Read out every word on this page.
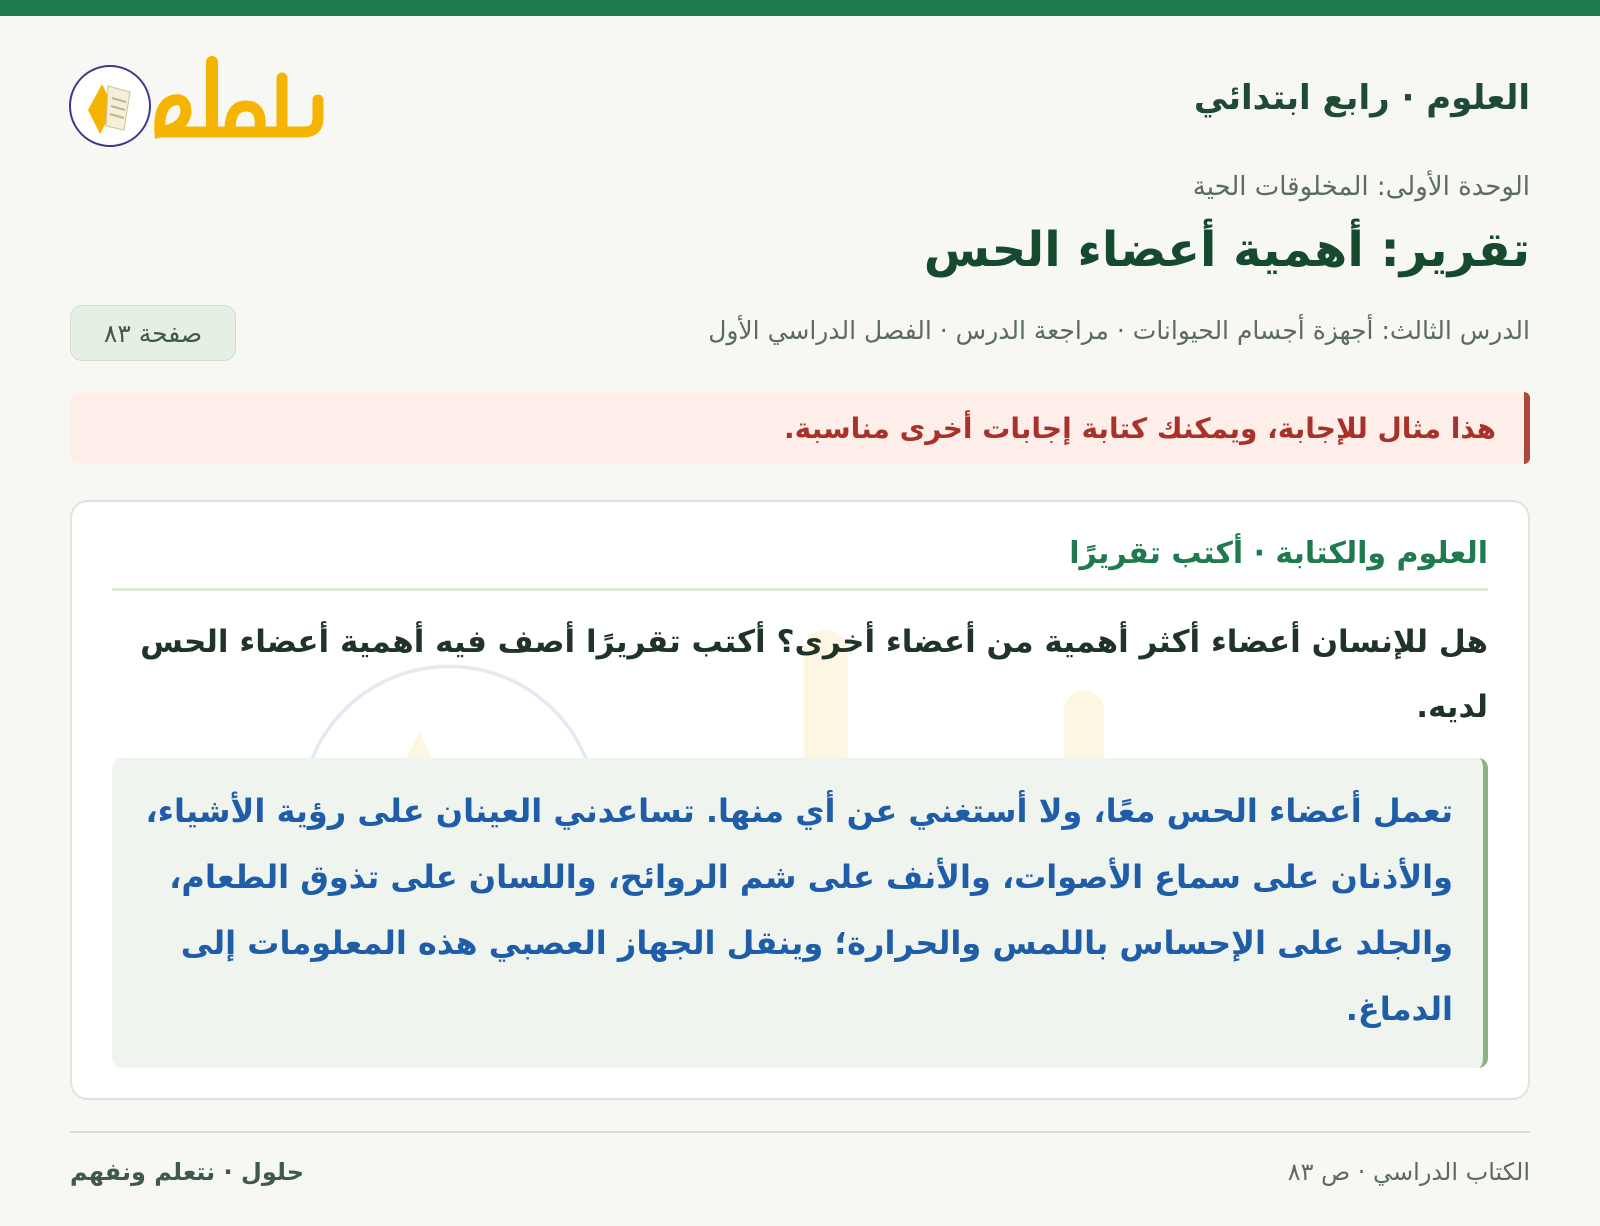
العلوم · رابع ابتدائي
الوحدة الأولى: المخلوقات الحية
تقرير: أهمية أعضاء الحس
الدرس الثالث: أجهزة أجسام الحيوانات · مراجعة الدرس · الفصل الدراسي الأول
صفحة ٨٣
هذا مثال للإجابة، ويمكنك كتابة إجابات أخرى مناسبة.
العلوم والكتابة · أكتب تقريرًا
هل للإنسان أعضاء أكثر أهمية من أعضاء أخرى؟ أكتب تقريرًا أصف فيه أهمية أعضاء الحس لديه.
تعمل أعضاء الحس معًا، ولا أستغني عن أي منها. تساعدني العينان على رؤية الأشياء، والأذنان على سماع الأصوات، والأنف على شم الروائح، واللسان على تذوق الطعام، والجلد على الإحساس باللمس والحرارة؛ وينقل الجهاز العصبي هذه المعلومات إلى الدماغ.
الكتاب الدراسي · ص ٨٣
حلول · نتعلم ونفهم
